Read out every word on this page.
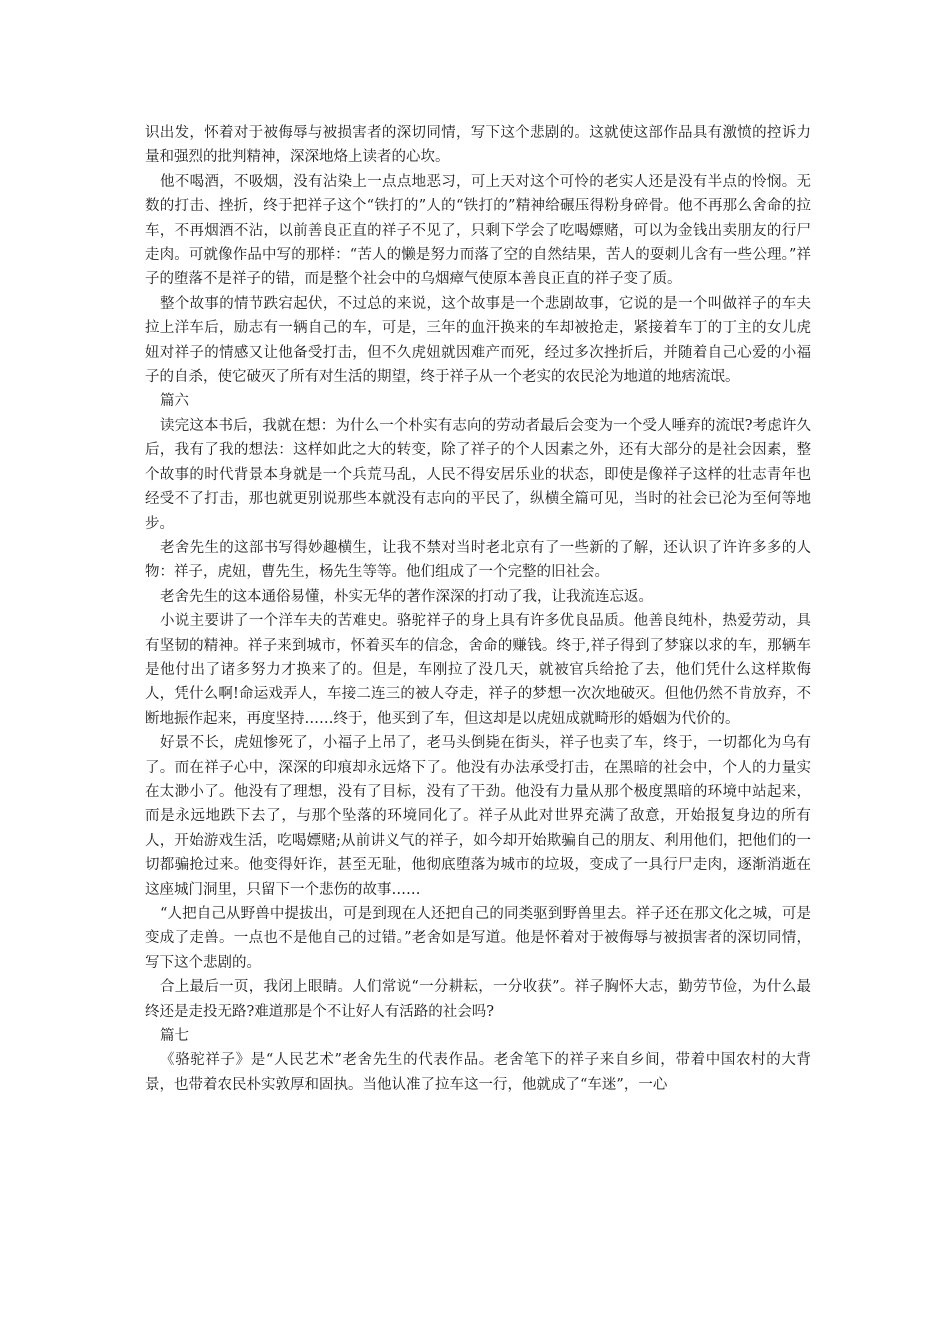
识出发，怀着对于被侮辱与被损害者的深切同情，写下这个悲剧的。这就使这部作品具有激愤的控诉力量和强烈的批判精神，深深地烙上读者的心坎。

他不喝酒，不吸烟，没有沾染上一点点地恶习，可上天对这个可怜的老实人还是没有半点的怜悯。无数的打击、挫折，终于把祥子这个“铁打的”人的“铁打的”精神给碾压得粉身碎骨。他不再那么舍命的拉车，不再烟酒不沾，以前善良正直的祥子不见了，只剩下学会了吃喝嫖赌，可以为金钱出卖朋友的行尸走肉。可就像作品中写的那样：“苦人的懒是努力而落了空的自然结果，苦人的耍刺儿含有一些公理。”祥子的堕落不是祥子的错，而是整个社会中的乌烟瘴气使原本善良正直的祥子变了质。

整个故事的情节跌宕起伏，不过总的来说，这个故事是一个悲剧故事，它说的是一个叫做祥子的车夫拉上洋车后，励志有一辆自己的车，可是，三年的血汗换来的车却被抢走，紧接着车丁的丁主的女儿虎妞对祥子的情感又让他备受打击，但不久虎妞就因难产而死，经过多次挫折后，并随着自己心爱的小福子的自杀，使它破灭了所有对生活的期望，终于祥子从一个老实的农民沦为地道的地痞流氓。

篇六

读完这本书后，我就在想：为什么一个朴实有志向的劳动者最后会变为一个受人唾弃的流氓?考虑许久后，我有了我的想法：这样如此之大的转变，除了祥子的个人因素之外，还有大部分的是社会因素，整个故事的时代背景本身就是一个兵荒马乱，人民不得安居乐业的状态，即使是像祥子这样的壮志青年也经受不了打击，那也就更别说那些本就没有志向的平民了，纵横全篇可见，当时的社会已沦为至何等地步。

老舍先生的这部书写得妙趣横生，让我不禁对当时老北京有了一些新的了解，还认识了许许多多的人物：祥子，虎妞，曹先生，杨先生等等。他们组成了一个完整的旧社会。

老舍先生的这本通俗易懂，朴实无华的著作深深的打动了我，让我流连忘返。

小说主要讲了一个洋车夫的苦难史。骆驼祥子的身上具有许多优良品质。他善良纯朴，热爱劳动，具有坚韧的精神。祥子来到城市，怀着买车的信念，舍命的赚钱。终于,祥子得到了梦寐以求的车，那辆车是他付出了诸多努力才换来了的。但是，车刚拉了没几天，就被官兵给抢了去，他们凭什么这样欺侮人，凭什么啊!命运戏弄人，车接二连三的被人夺走，祥子的梦想一次次地破灭。但他仍然不肯放弃，不断地振作起来，再度坚持……终于，他买到了车，但这却是以虎妞成就畸形的婚姻为代价的。

好景不长，虎妞惨死了，小福子上吊了，老马头倒毙在街头，祥子也卖了车，终于，一切都化为乌有了。而在祥子心中，深深的印痕却永远烙下了。他没有办法承受打击，在黑暗的社会中，个人的力量实在太渺小了。他没有了理想，没有了目标，没有了干劲。他没有力量从那个极度黑暗的环境中站起来，而是永远地跌下去了，与那个坠落的环境同化了。祥子从此对世界充满了敌意，开始报复身边的所有人，开始游戏生活，吃喝嫖赌;从前讲义气的祥子，如今却开始欺骗自己的朋友、利用他们，把他们的一切都骗抢过来。他变得奸诈，甚至无耻，他彻底堕落为城市的垃圾，变成了一具行尸走肉，逐渐消逝在这座城门洞里，只留下一个悲伤的故事……

“人把自己从野兽中提拔出，可是到现在人还把自己的同类驱到野兽里去。祥子还在那文化之城，可是变成了走兽。一点也不是他自己的过错。”老舍如是写道。他是怀着对于被侮辱与被损害者的深切同情，写下这个悲剧的。

合上最后一页，我闭上眼睛。人们常说“一分耕耘，一分收获”。祥子胸怀大志，勤劳节俭，为什么最终还是走投无路?难道那是个不让好人有活路的社会吗?

篇七

《骆驼祥子》是“人民艺术”老舍先生的代表作品。老舍笔下的祥子来自乡间，带着中国农村的大背景，也带着农民朴实敦厚和固执。当他认准了拉车这一行，他就成了“车迷”，一心
